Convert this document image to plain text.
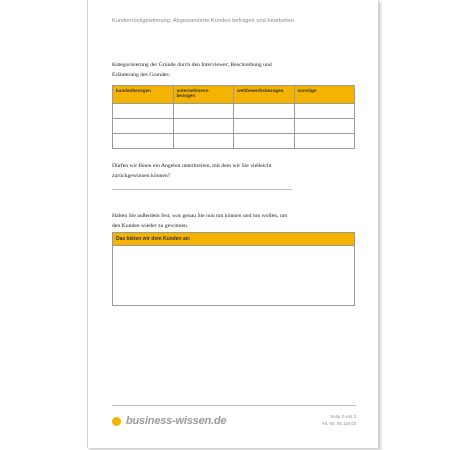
Kundenrückgewinnung: Abgewanderte Kunden befragen und bearbeiten
Kategorisierung der Gründe durch den Interviewer; Beschreibung und
Erläuterung des Grundes:
kundenbezogen	unternehmens-
bezogen	wettbewerbsbezogen	sonstige

Dürfen wir Ihnen ein Angebot unterbreiten, mit dem wir Sie vielleicht
zurückgewinnen können?
Halten Sie außerdem fest, was genau Sie nun tun können und tun wollen, um
den Kunden wieder zu gewinnen.
Das bieten wir dem Kunden an:
business-wissen.de	Seite 2 von 3
Art.-Nr. 06 118 03
